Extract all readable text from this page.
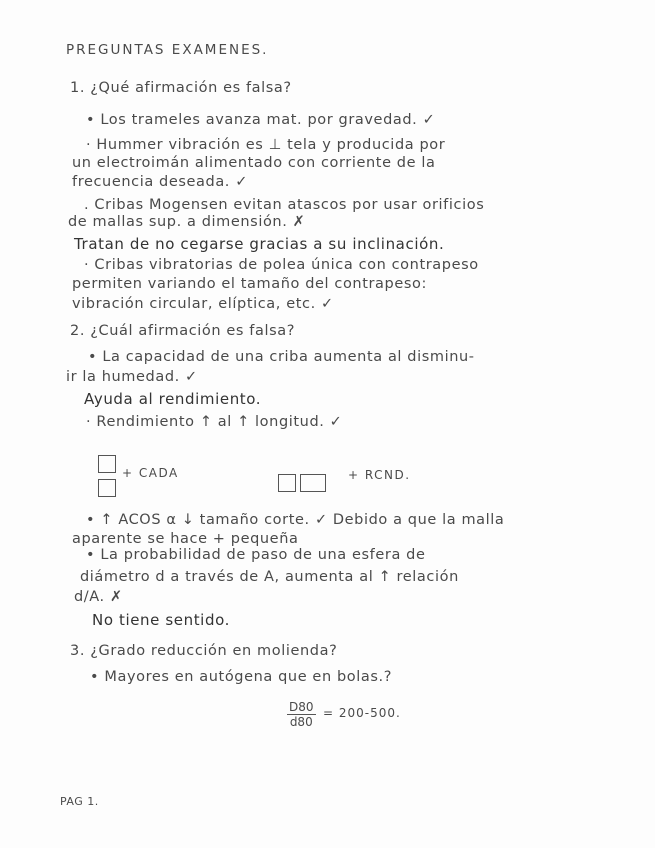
PREGUNTAS EXAMENES.
1. ¿Qué afirmación es falsa?
• Los trameles avanza mat. por gravedad. ✓
· Hummer vibración es ⊥ tela y producida por
un electroimán alimentado con corriente de la
frecuencia deseada. ✓
. Cribas Mogensen evitan atascos por usar orificios
de mallas sup. a dimensión. ✗
Tratan de no cegarse gracias a su inclinación.
· Cribas vibratorias de polea única con contrapeso
permiten variando el tamaño del contrapeso:
vibración circular, elíptica, etc. ✓
2. ¿Cuál afirmación es falsa?
• La capacidad de una criba aumenta al disminu-
ir la humedad. ✓
Ayuda al rendimiento.
· Rendimiento ↑ al ↑ longitud. ✓
+ CADA	+ RCND.
• ↑ ACOS α ↓ tamaño corte. ✓ Debido a que la malla
aparente se hace + pequeña
• La probabilidad de paso de una esfera de
diámetro d a través de A, aumenta al ↑ relación
d/A. ✗
No tiene sentido.
3. ¿Grado reducción en molienda?
• Mayores en autógena que en bolas.?
$\frac{D80}{d80} = 200-500$.
PAG 1.
